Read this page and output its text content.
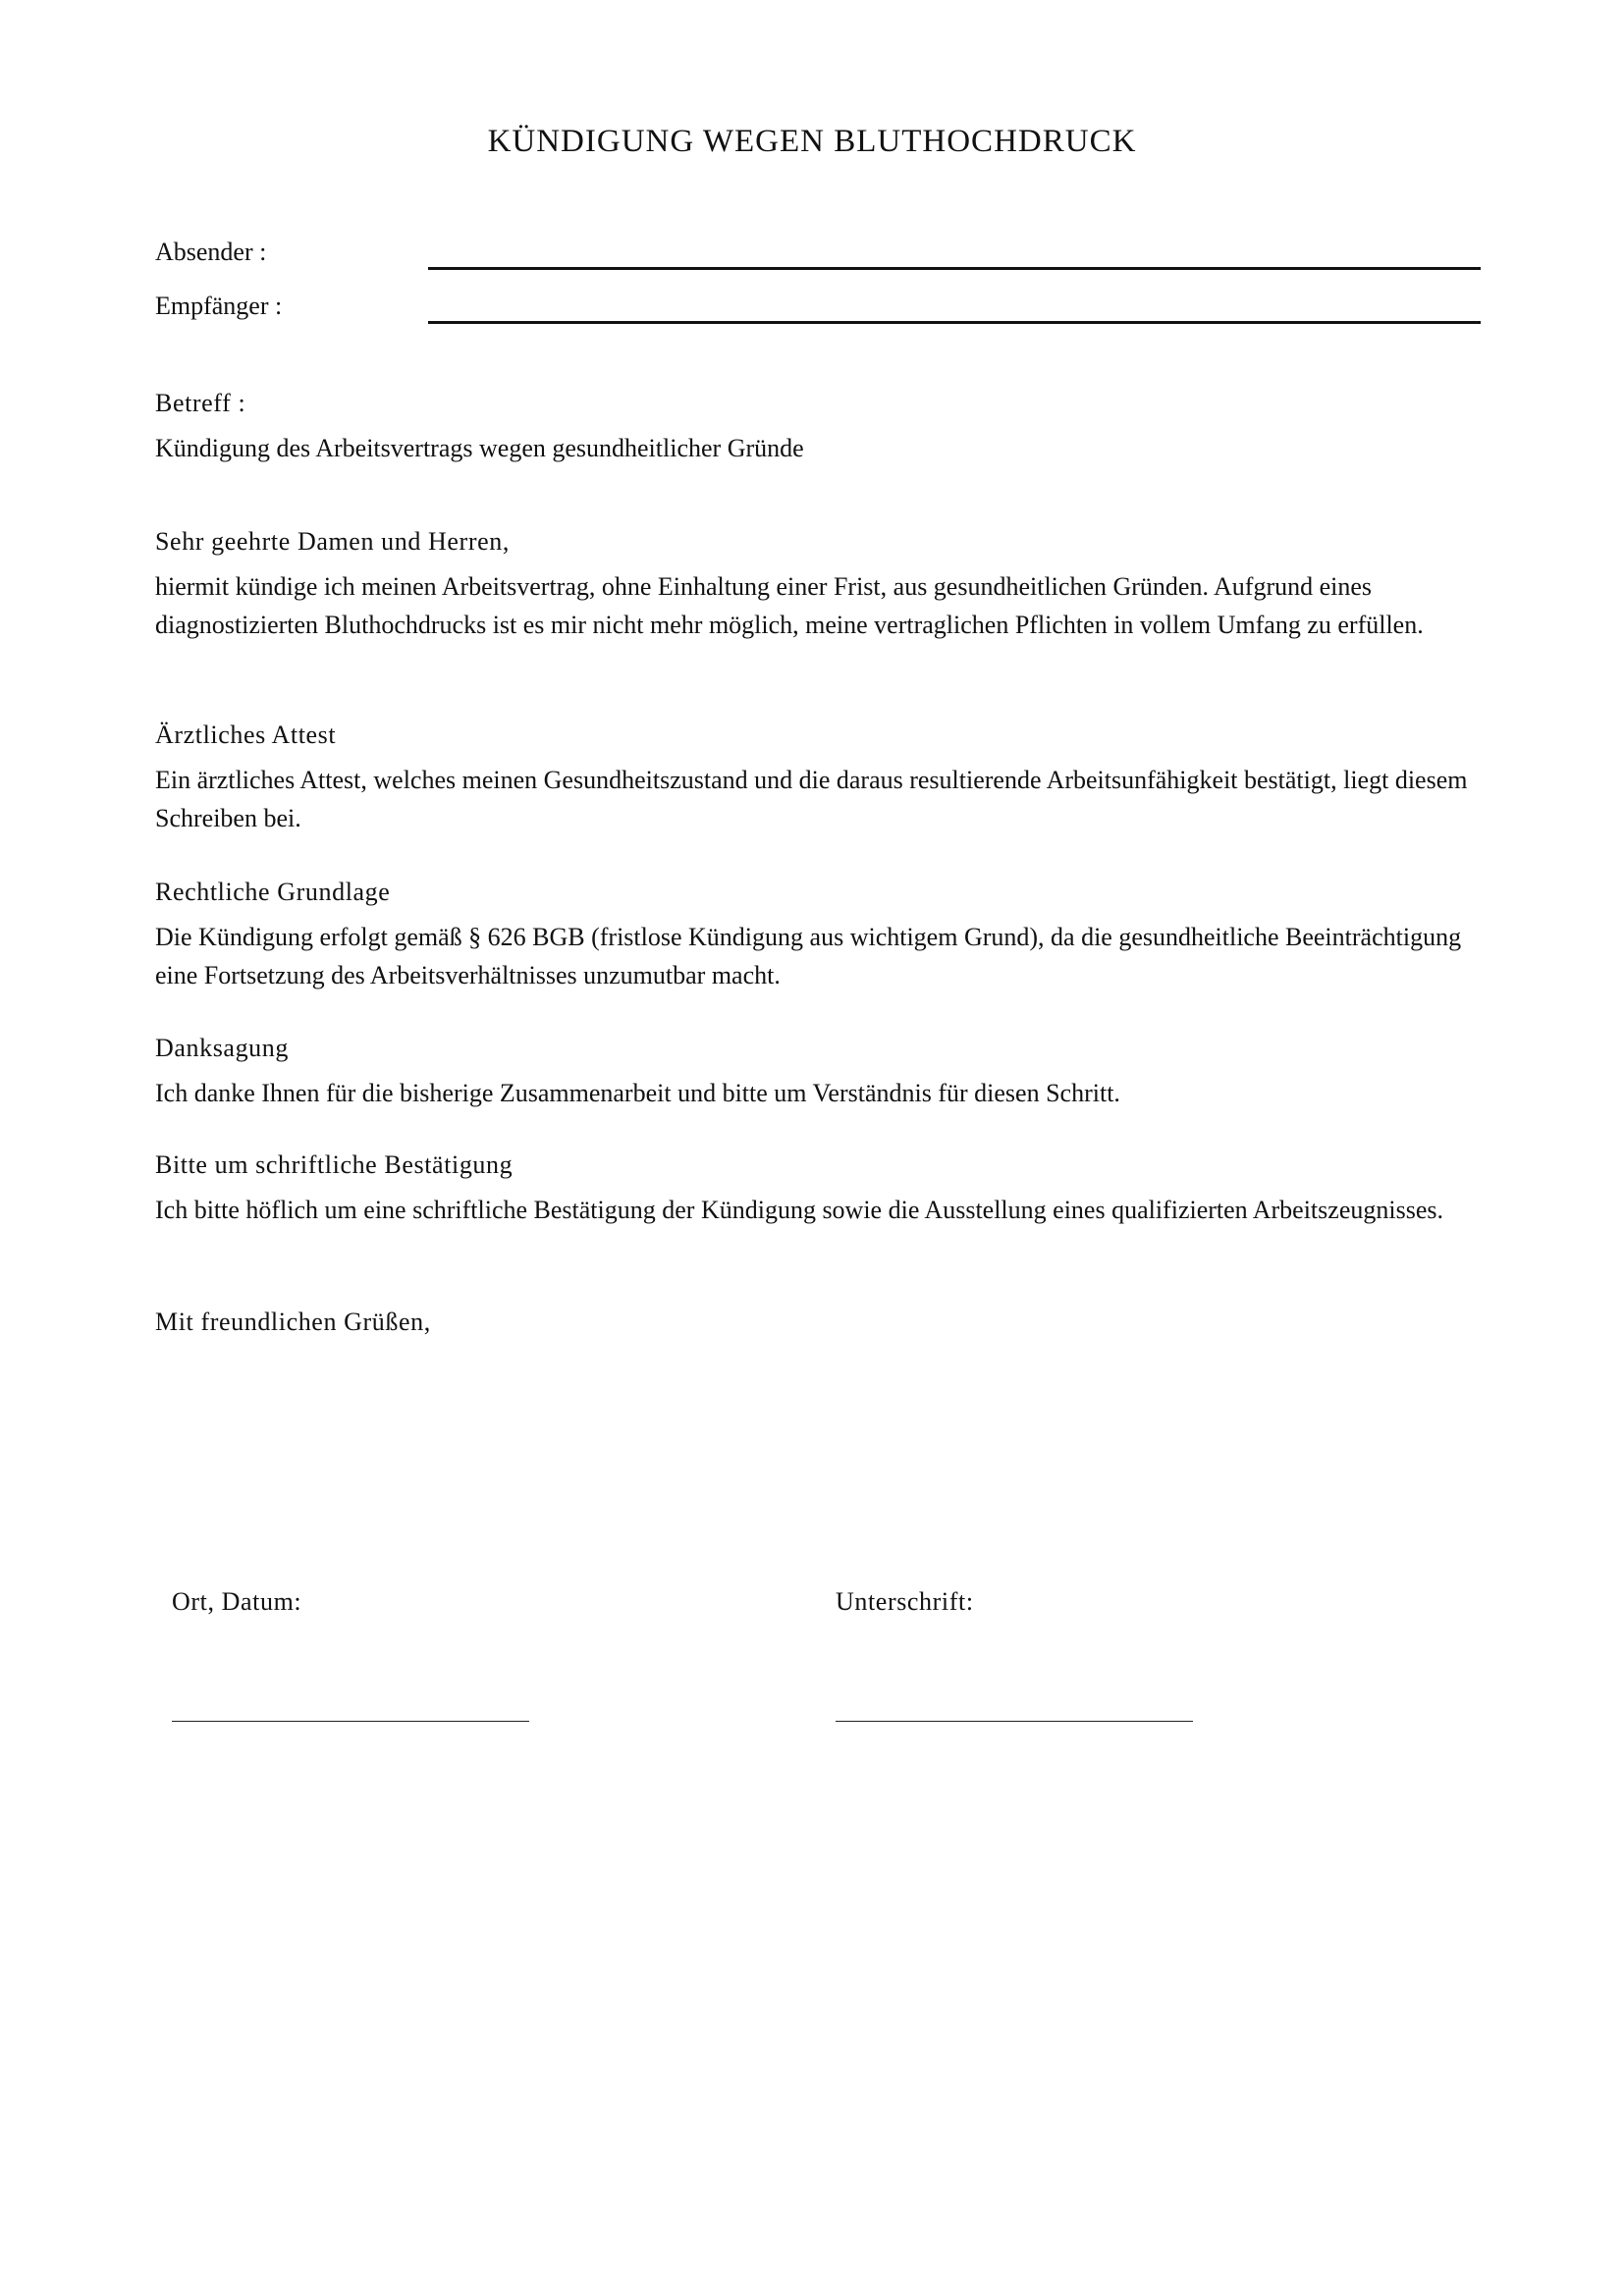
KÜNDIGUNG WEGEN BLUTHOCHDRUCK
Absender :
Empfänger :
Betreff :
Kündigung des Arbeitsvertrags wegen gesundheitlicher Gründe
Sehr geehrte Damen und Herren,
hiermit kündige ich meinen Arbeitsvertrag, ohne Einhaltung einer Frist, aus gesundheitlichen Gründen. Aufgrund eines diagnostizierten Bluthochdrucks ist es mir nicht mehr möglich, meine vertraglichen Pflichten in vollem Umfang zu erfüllen.
Ärztliches Attest
Ein ärztliches Attest, welches meinen Gesundheitszustand und die daraus resultierende Arbeitsunfähigkeit bestätigt, liegt diesem Schreiben bei.
Rechtliche Grundlage
Die Kündigung erfolgt gemäß § 626 BGB (fristlose Kündigung aus wichtigem Grund), da die gesundheitliche Beeinträchtigung eine Fortsetzung des Arbeitsverhältnisses unzumutbar macht.
Danksagung
Ich danke Ihnen für die bisherige Zusammenarbeit und bitte um Verständnis für diesen Schritt.
Bitte um schriftliche Bestätigung
Ich bitte höflich um eine schriftliche Bestätigung der Kündigung sowie die Ausstellung eines qualifizierten Arbeitszeugnisses.
Mit freundlichen Grüßen,
Ort, Datum:	Unterschrift:
